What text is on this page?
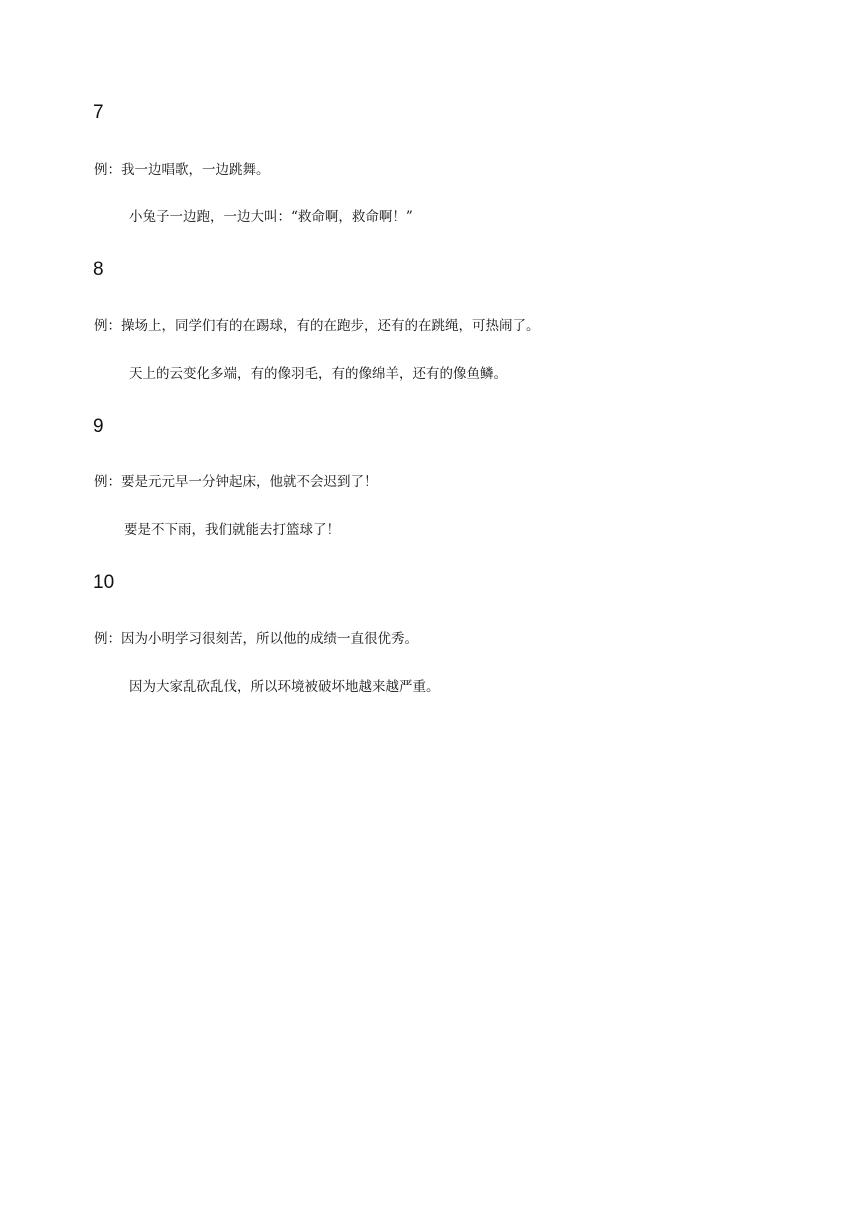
7
例：我一边唱歌，一边跳舞。
小兔子一边跑，一边大叫：“救命啊，救命啊！”
8
例：操场上，同学们有的在踢球，有的在跑步，还有的在跳绳，可热闹了。
天上的云变化多端，有的像羽毛，有的像绵羊，还有的像鱼鳞。
9
例：要是元元早一分钟起床，他就不会迟到了！
要是不下雨，我们就能去打篮球了！
10
例：因为小明学习很刻苦，所以他的成绩一直很优秀。
因为大家乱砍乱伐，所以环境被破坏地越来越严重。
